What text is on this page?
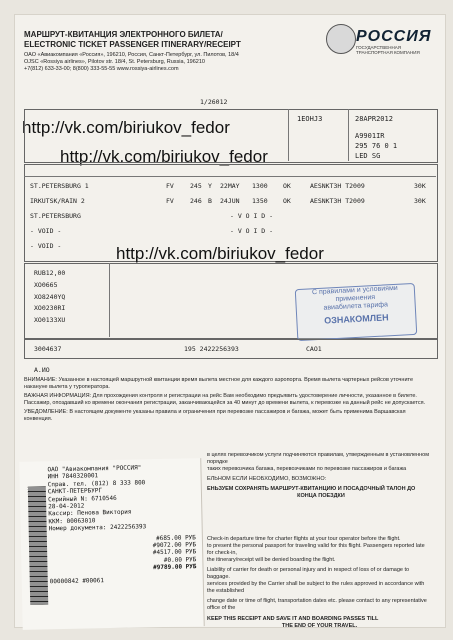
МАРШРУТ-КВИТАНЦИЯ ЭЛЕКТРОННОГО БИЛЕТА/
ELECTRONIC TICKET PASSENGER ITINERARY/RECEIPT
ОАО «Авиакомпания «Россия», 196210, Россия, Санкт-Петербург, ул. Пилотов, 18/4
OJSC «Rossiya airlines», Pilotov str. 18/4, St. Petersburg, Russia, 196210
+7(812) 633-33-00; 8(800) 333-55-55 www.rossiya-airlines.com
1/26012
РОССИЯ
ГОСУДАРСТВЕННАЯ ТРАНСПОРТНАЯ КОМПАНИЯ
http://vk.com/biriukov_fedor
http://vk.com/biriukov_fedor
1EOHJ3	28APR2012
A9901IR
295 76 0 1
LED SG
ST.PETERSBURG 1	FV 245 Y 22MAY 1300 OK	AESNKT3H T2009	30K
IRKUTSK/RAIN 2	FV 246 B 24JUN 1350 OK	AESNKT3H T2009	30K
ST.PETERSBURG	- V O I D -
- VOID -	- V O I D -
- VOID -
RUB12,00
XO0665
XO8240YQ
XO0230RI
XO0133XU
С правилами и условиями
применения
авиабилета тарифа
ОЗНАКОМЛЕН
http://vk.com/biriukov_fedor
3004637	195 2422256393	CAO1
A.ИО
ВНИМАНИЕ: Указанное в настоящей маршрутной квитанции время вылета местное для каждого аэропорта. Время вылета чартерных рейсов уточните накануне вылета у туроператора.
ВАЖНАЯ ИНФОРМАЦИЯ: Для прохождения контроля и регистрации на рейс Вам необходимо предъявить удостоверение личности, указанное в билете. Пассажир, опоздавший ко времени окончания регистрации, заканчивающейся за 40 минут до времени вылета, к перевозке на данный рейс не допускается.
УВЕДОМЛЕНИЕ: В настоящем документе указаны правила и ограничения при перевозке пассажиров и багажа, может быть применима Варшавская конвенция.
в целях перевозчиком услуги подчиняются правилам, утвержденным в установленном порядке
таких перевозчика багажа, перевозчиками по перевозке пассажиров и багажа
ЕЛЬНОМ ЕСЛИ НЕОБХОДИМО, ВОЗМОЖНО:
ЕНЬЗУЕМ СОХРАНЯТЬ МАРШРУТ-КВИТАНЦИЮ И ПОСАДОЧНЫЙ ТАЛОН ДО
КОНЦА ПОЕЗДКИ
Check-in departure time for charter flights at your tour operator before the flight.
to present the personal passport for traveling valid for this flight. Passengers reported late for check-in,
the itinerary/receipt will be denied boarding the flight.
Liability of carrier for death or personal injury and in respect of loss of or damage to baggage.
services provided by the Carrier shall be subject to the rules approved in accordance with the established
change date or time of flight, transportation dates etc. please contact to any representative office of the
KEEP THIS RECEIPT AND SAVE IT AND BOARDING PASSES TILL
THE END OF YOUR TRAVEL.
ОАО "Авиакомпания "РОССИЯ"
ИНН 7840320001
Справ. тел. (812) 8 333 800
САНКТ-ПЕТЕРБУРГ
Серийный N: 6710546
28-04-2012
Кассир: Пенова Виктория
ККМ: 00063010
Номер документа: 2422256393
#685.00 РУБ
#9072.00 РУБ
#4517.00 РУБ
#0.00 РУБ
#9789.00 РУБ
00000842 #00061
